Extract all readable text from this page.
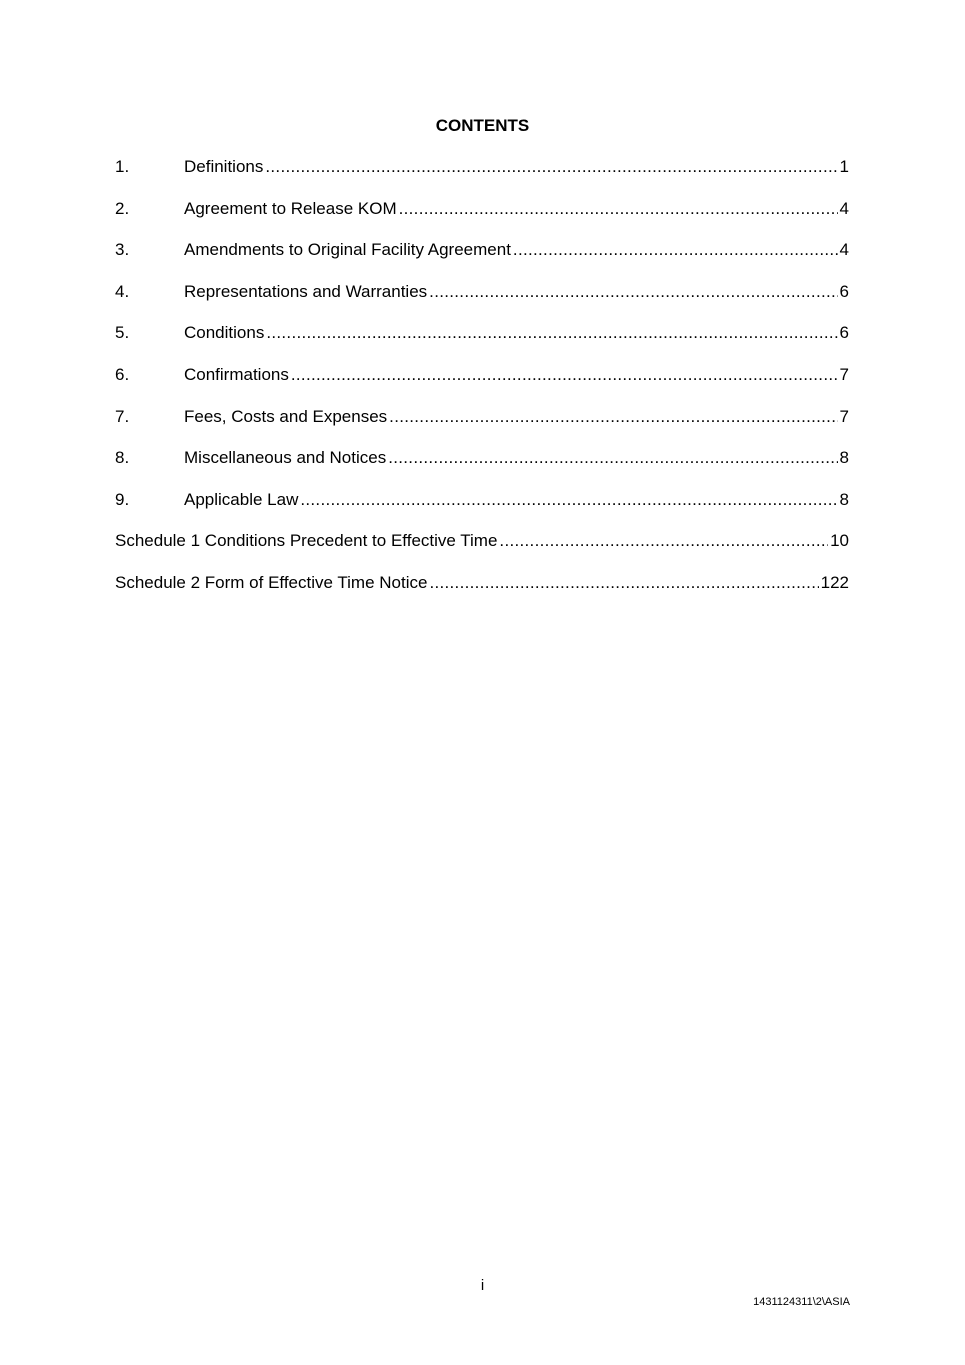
CONTENTS
1.	Definitions .....	1
2.	Agreement to Release KOM .....	4
3.	Amendments to Original Facility Agreement .....	4
4.	Representations and Warranties .....	6
5.	Conditions .....	6
6.	Confirmations .....	7
7.	Fees, Costs and Expenses .....	7
8.	Miscellaneous and Notices .....	8
9.	Applicable Law .....	8
Schedule 1 Conditions Precedent to Effective Time .....	10
Schedule 2 Form of Effective Time Notice .....	122
i
1431124311\2\ASIA
